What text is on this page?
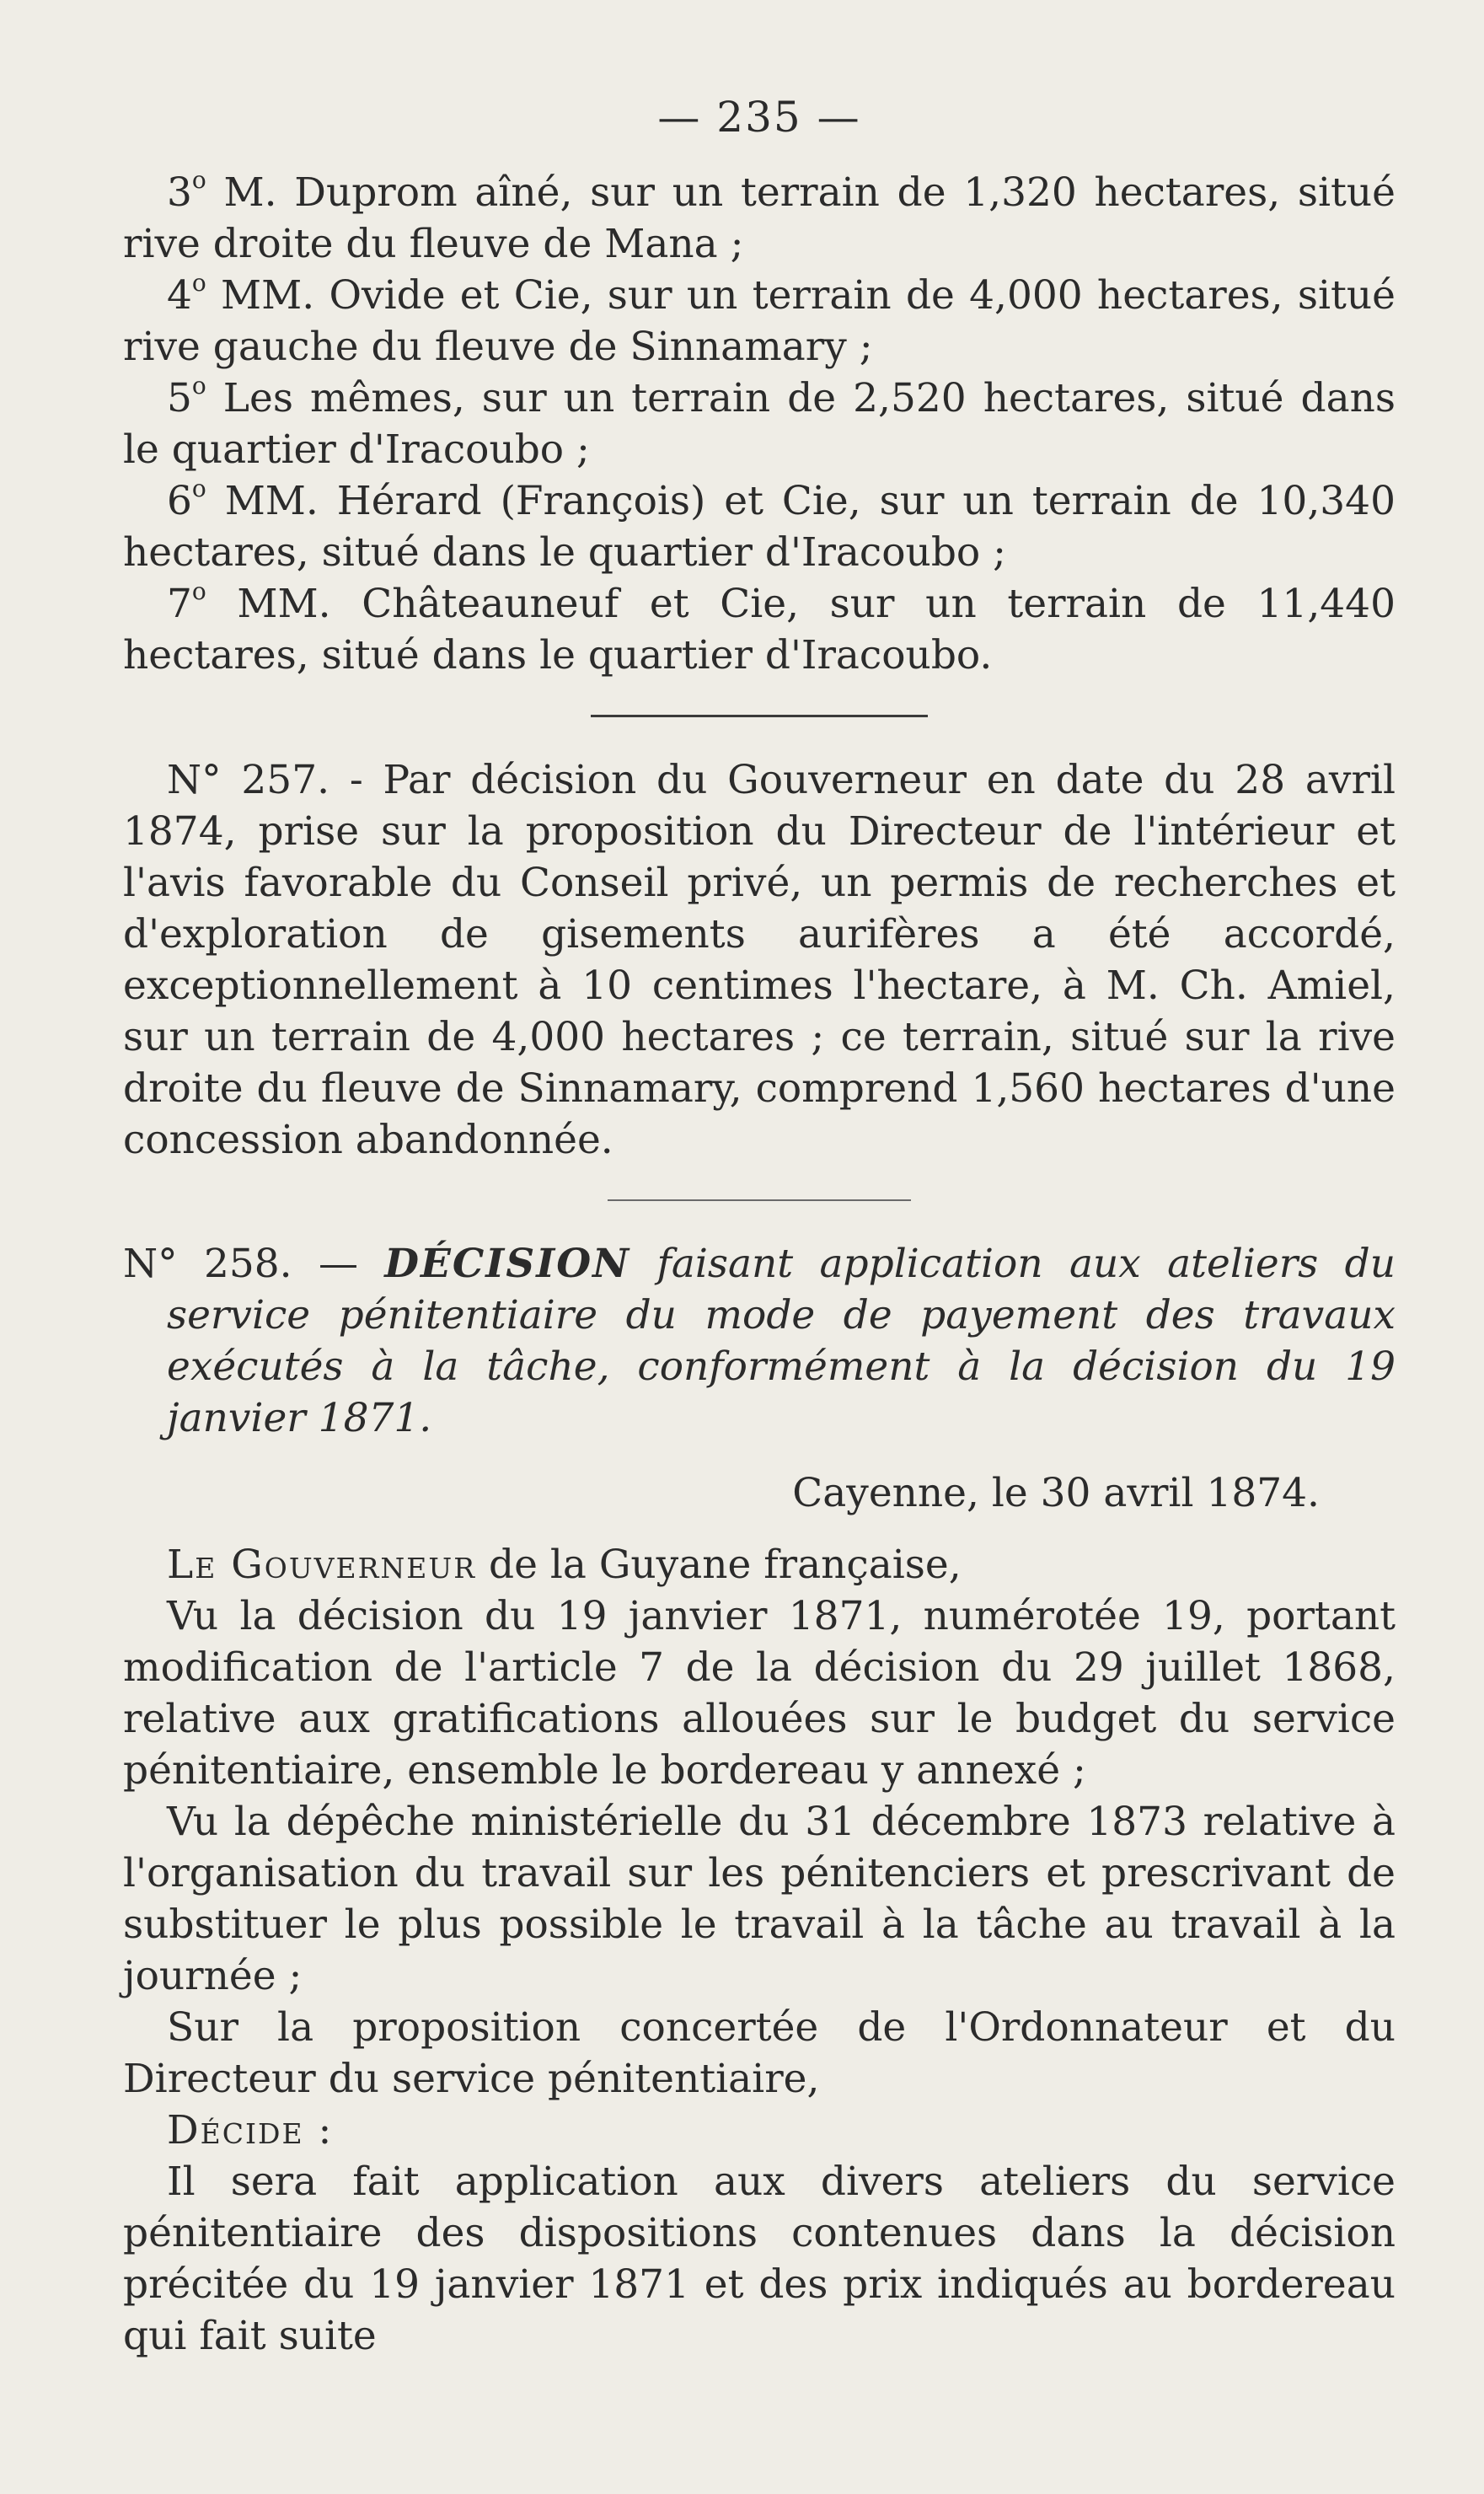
— 235 —

3$^o$ M. Duprom aîné, sur un terrain de 1,320 hectares, situé rive droite du fleuve de Mana ;

4$^o$ MM. Ovide et Cie, sur un terrain de 4,000 hectares, situé rive gauche du fleuve de Sinnamary ;

5$^o$ Les mêmes, sur un terrain de 2,520 hectares, situé dans le quartier d'Iracoubo ;

6$^o$ MM. Hérard (François) et Cie, sur un terrain de 10,340 hectares, situé dans le quartier d'Iracoubo ;

7$^o$ MM. Châteauneuf et Cie, sur un terrain de 11,440 hectares, situé dans le quartier d'Iracoubo.

N° 257. - Par décision du Gouverneur en date du 28 avril 1874, prise sur la proposition du Directeur de l'intérieur et l'avis favorable du Conseil privé, un permis de recherches et d'exploration de gisements aurifères a été accordé, exceptionnellement à 10 centimes l'hectare, à M. Ch. Amiel, sur un terrain de 4,000 hectares ; ce terrain, situé sur la rive droite du fleuve de Sinnamary, comprend 1,560 hectares d'une concession abandonnée.

N° 258. — DÉCISION faisant application aux ateliers du service pénitentiaire du mode de payement des travaux exécutés à la tâche, conformément à la décision du 19 janvier 1871.

Cayenne, le 30 avril 1874.

Le Gouverneur de la Guyane française,

Vu la décision du 19 janvier 1871, numérotée 19, portant modification de l'article 7 de la décision du 29 juillet 1868, relative aux gratifications allouées sur le budget du service pénitentiaire, ensemble le bordereau y annexé ;

Vu la dépêche ministérielle du 31 décembre 1873 relative à l'organisation du travail sur les pénitenciers et prescrivant de substituer le plus possible le travail à la tâche au travail à la journée ;

Sur la proposition concertée de l'Ordonnateur et du Directeur du service pénitentiaire,

Décide :

Il sera fait application aux divers ateliers du service pénitentiaire des dispositions contenues dans la décision précitée du 19 janvier 1871 et des prix indiqués au bordereau qui fait suite
